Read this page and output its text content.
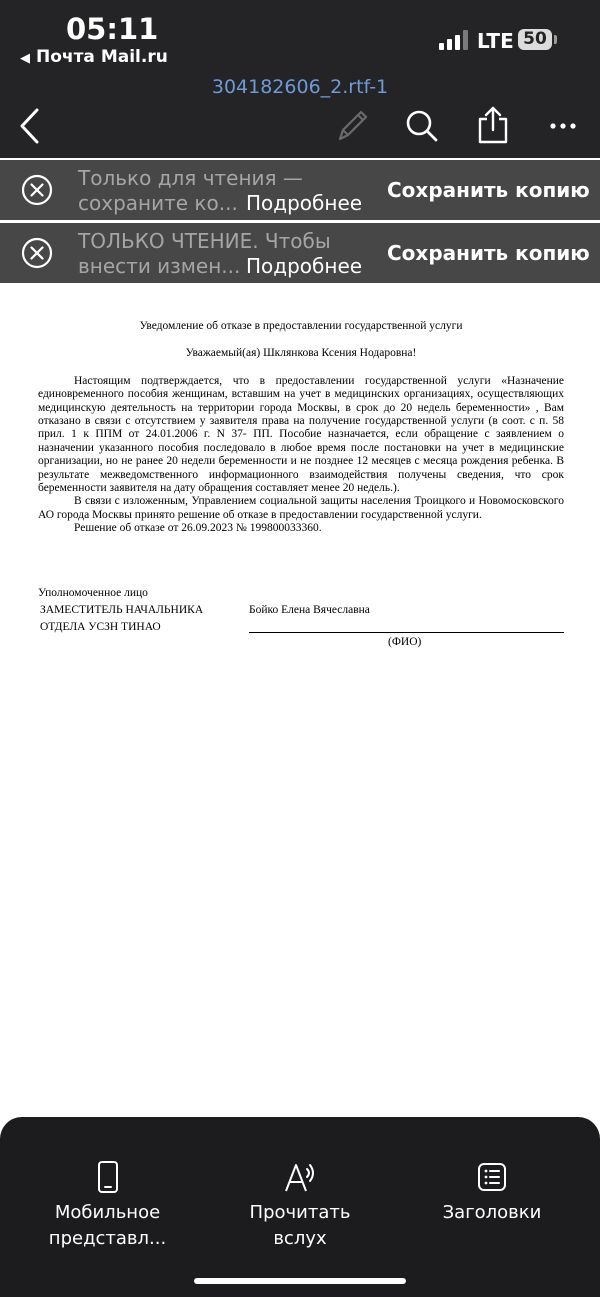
05:11
◀ Почта Mail.ru
LTE 50
304182606_2.rtf-1
Только для чтения —
сохраните ко... Подробнее
Сохранить копию
ТОЛЬКО ЧТЕНИЕ. Чтобы
внести измен... Подробнее
Сохранить копию
Уведомление об отказе в предоставлении государственной услуги
Уважаемый(ая) Шклянкова Ксения Нодаровна!

Настоящим подтверждается, что в предоставлении государственной услуги «Назначение единовременного пособия женщинам, вставшим на учет в медицинских организациях, осуществляющих медицинскую деятельность на территории города Москвы, в срок до 20 недель беременности» , Вам отказано в связи с отсутствием у заявителя права на получение государственной услуги (в соот. с п. 58 прил. 1 к ППМ от 24.01.2006 г. N 37- ПП. Пособие назначается, если обращение с заявлением о назначении указанного пособия последовало в любое время после постановки на учет в медицинские организации, но не ранее 20 недели беременности и не позднее 12 месяцев с месяца рождения ребенка. В результате межведомственного информационного взаимодействия получены сведения, что срок беременности заявителя на дату обращения составляет менее 20 недель.).

В связи с изложенным, Управлением социальной защиты населения Троицкого и Новомосковского АО города Москвы принято решение об отказе в предоставлении государственной услуги.

Решение об отказе от 26.09.2023 № 199800033360.

Уполномоченное лицо
ЗАМЕСТИТЕЛЬ НАЧАЛЬНИКА
ОТДЕЛА УСЗН ТИНАО
Бойко Елена Вячеславна
(ФИО)
Мобильное
представл...
Прочитать
вслух
Заголовки
